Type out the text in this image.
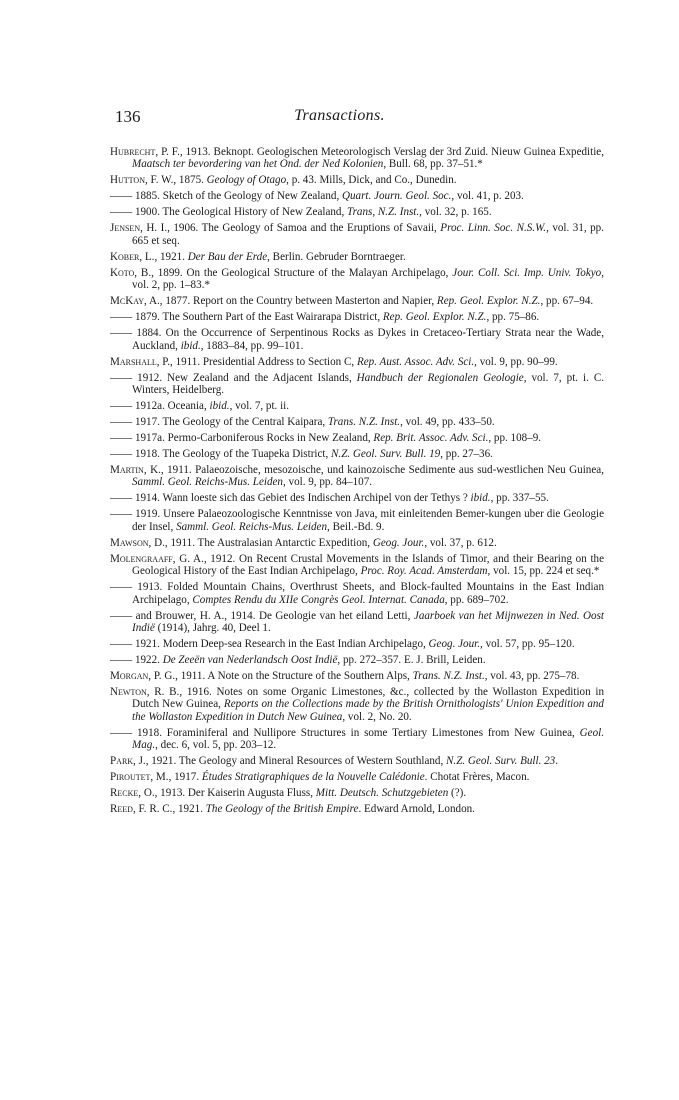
136	Transactions.
Hubrecht, P. F., 1913. Beknopt. Geologischen Meteorologisch Verslag der 3rd Zuid. Nieuw Guinea Expeditie, Maatsch ter bevordering van het Ond. der Ned Kolonien, Bull. 68, pp. 37–51.*
Hutton, F. W., 1875. Geology of Otago, p. 43. Mills, Dick, and Co., Dunedin.
—— 1885. Sketch of the Geology of New Zealand, Quart. Journ. Geol. Soc., vol. 41, p. 203.
—— 1900. The Geological History of New Zealand, Trans, N.Z. Inst., vol. 32, p. 165.
Jensen, H. I., 1906. The Geology of Samoa and the Eruptions of Savaii, Proc. Linn. Soc. N.S.W., vol. 31, pp. 665 et seq.
Kober, L., 1921. Der Bau der Erde, Berlin. Gebruder Borntraeger.
Koto, B., 1899. On the Geological Structure of the Malayan Archipelago, Jour. Coll. Sci. Imp. Univ. Tokyo, vol. 2, pp. 1–83.*
McKay, A., 1877. Report on the Country between Masterton and Napier, Rep. Geol. Explor. N.Z., pp. 67–94.
—— 1879. The Southern Part of the East Wairarapa District, Rep. Geol. Explor. N.Z., pp. 75–86.
—— 1884. On the Occurrence of Serpentinous Rocks as Dykes in Cretaceo-Tertiary Strata near the Wade, Auckland, ibid., 1883–84, pp. 99–101.
Marshall, P., 1911. Presidential Address to Section C, Rep. Aust. Assoc. Adv. Sci., vol. 9, pp. 90–99.
—— 1912. New Zealand and the Adjacent Islands, Handbuch der Regionalen Geologie, vol. 7, pt. i. C. Winters, Heidelberg.
—— 1912a. Oceania, ibid., vol. 7, pt. ii.
—— 1917. The Geology of the Central Kaipara, Trans. N.Z. Inst., vol. 49, pp. 433–50.
—— 1917a. Permo-Carboniferous Rocks in New Zealand, Rep. Brit. Assoc. Adv. Sci., pp. 108–9.
—— 1918. The Geology of the Tuapeka District, N.Z. Geol. Surv. Bull. 19, pp. 27–36.
Martin, K., 1911. Palaeozoische, mesozoische, und kainozoische Sedimente aus sud-westlichen Neu Guinea, Samml. Geol. Reichs-Mus. Leiden, vol. 9, pp. 84–107.
—— 1914. Wann loeste sich das Gebiet des Indischen Archipel von der Tethys ? ibid., pp. 337–55.
—— 1919. Unsere Palaeozoologische Kenntnisse von Java, mit einleitenden Bemer-kungen uber die Geologie der Insel, Samml. Geol. Reichs-Mus. Leiden, Beil.-Bd. 9.
Mawson, D., 1911. The Australasian Antarctic Expedition, Geog. Jour., vol. 37, p. 612.
Molengraaff, G. A., 1912. On Recent Crustal Movements in the Islands of Timor, and their Bearing on the Geological History of the East Indian Archipelago, Proc. Roy. Acad. Amsterdam, vol. 15, pp. 224 et seq.*
—— 1913. Folded Mountain Chains, Overthrust Sheets, and Block-faulted Mountains in the East Indian Archipelago, Comptes Rendu du XIIe Congrès Geol. Internat. Canada, pp. 689–702.
—— and Brouwer, H. A., 1914. De Geologie van het eiland Letti, Jaarboek van het Mijnwezen in Ned. Oost Indië (1914), Jahrg. 40, Deel 1.
—— 1921. Modern Deep-sea Research in the East Indian Archipelago, Geog. Jour., vol. 57, pp. 95–120.
—— 1922. De Zeeën van Nederlandsch Oost Indië, pp. 272–357. E. J. Brill, Leiden.
Morgan, P. G., 1911. A Note on the Structure of the Southern Alps, Trans. N.Z. Inst., vol. 43, pp. 275–78.
Newton, R. B., 1916. Notes on some Organic Limestones, &c., collected by the Wollaston Expedition in Dutch New Guinea, Reports on the Collections made by the British Ornithologists' Union Expedition and the Wollaston Expedition in Dutch New Guinea, vol. 2, No. 20.
—— 1918. Foraminiferal and Nullipore Structures in some Tertiary Limestones from New Guinea, Geol. Mag., dec. 6, vol. 5, pp. 203–12.
Park, J., 1921. The Geology and Mineral Resources of Western Southland, N.Z. Geol. Surv. Bull. 23.
Piroutet, M., 1917. Études Stratigraphiques de la Nouvelle Calédonie. Chotat Frères, Macon.
Recke, O., 1913. Der Kaiserin Augusta Fluss, Mitt. Deutsch. Schutzgebieten (?).
Reed, F. R. C., 1921. The Geology of the British Empire. Edward Arnold, London.
